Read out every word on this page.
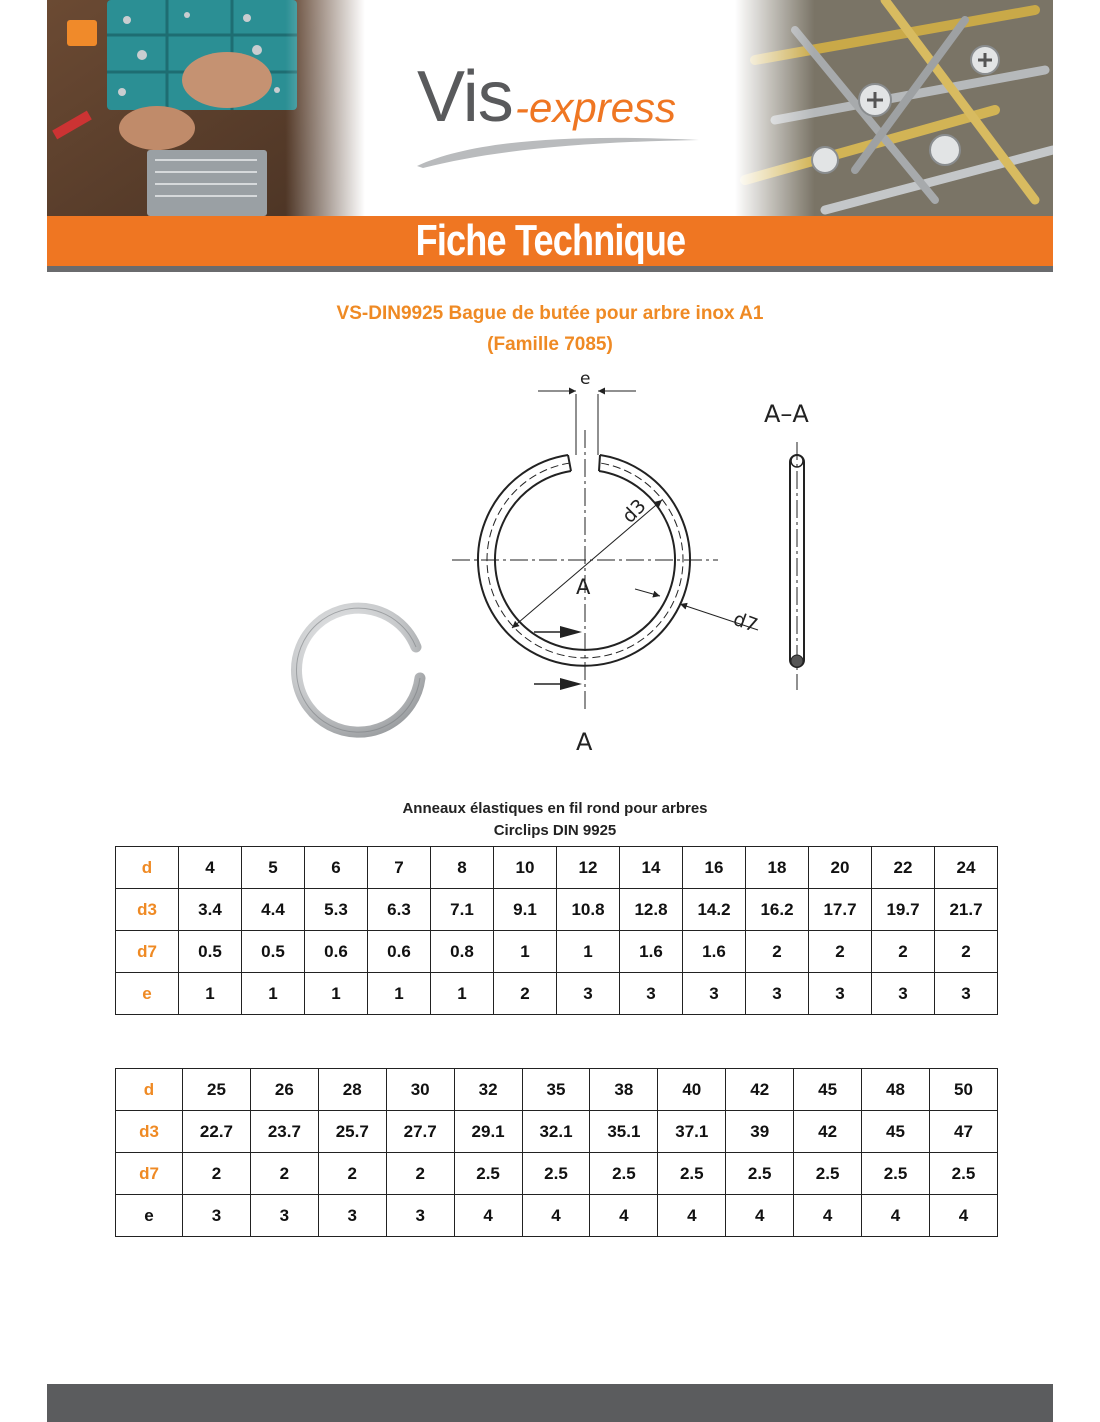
Vis -express
Fiche Technique
VS-DIN9925 Bague de butée pour arbre inox A1
(Famille 7085)
e
A–A
d3
d7
A
A
Anneaux élastiques en fil rond pour arbres
Circlips DIN 9925
d	4	5	6	7	8	10	12	14	16	18	20	22	24
d3	3.4	4.4	5.3	6.3	7.1	9.1	10.8	12.8	14.2	16.2	17.7	19.7	21.7
d7	0.5	0.5	0.6	0.6	0.8	1	1	1.6	1.6	2	2	2	2
e	1	1	1	1	1	2	3	3	3	3	3	3	3
d	25	26	28	30	32	35	38	40	42	45	48	50
d3	22.7	23.7	25.7	27.7	29.1	32.1	35.1	37.1	39	42	45	47
d7	2	2	2	2	2.5	2.5	2.5	2.5	2.5	2.5	2.5	2.5
e	3	3	3	3	4	4	4	4	4	4	4	4
